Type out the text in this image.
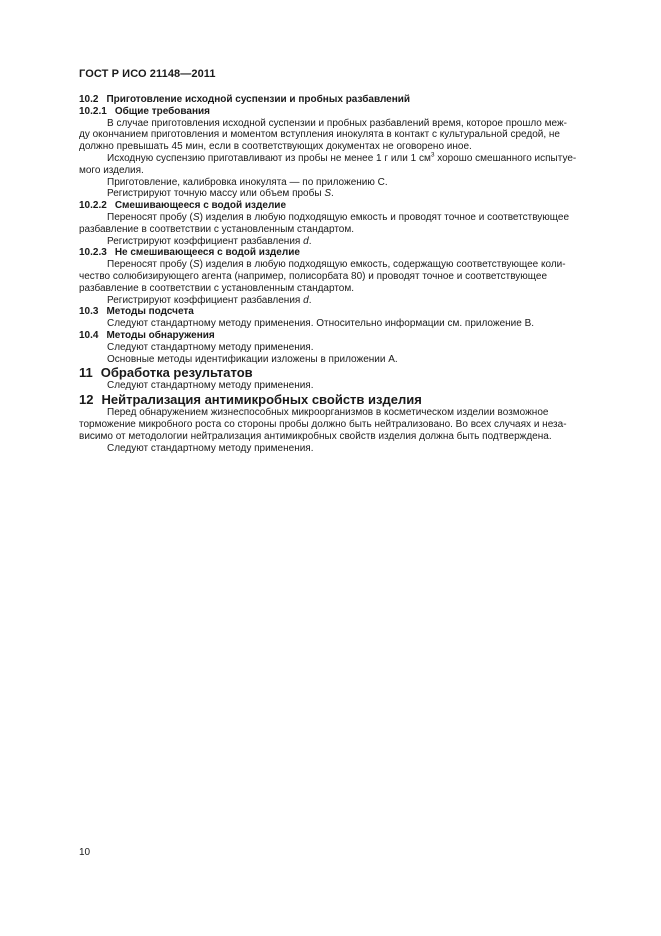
ГОСТ Р ИСО 21148—2011

10.2 Приготовление исходной суспензии и пробных разбавлений

10.2.1 Общие требования

В случае приготовления исходной суспензии и пробных разбавлений время, которое прошло меж-
ду окончанием приготовления и моментом вступления инокулята в контакт с культуральной средой, не
должно превышать 45 мин, если в соответствующих документах не оговорено иное.

Исходную суспензию приготавливают из пробы не менее 1 г или 1 $см^3$ хорошо смешанного испытуе-

мого изделия.

Приготовление, калибровка инокулята — по приложению С.

Регистрируют точную массу или объем пробы S.

10.2.2 Смешивающееся с водой изделие

Переносят пробу (S) изделия в любую подходящую емкость и проводят точное и соответствующее

разбавление в соответствии с установленным стандартом.

Регистрируют коэффициент разбавления d.

10.2.3 Не смешивающееся с водой изделие

Переносят пробу (S) изделия в любую подходящую емкость, содержащую соответствующее коли-

чество солюбизирующего агента (например, полисорбата 80) и проводят точное и соответствующее

разбавление в соответствии с установленным стандартом.

Регистрируют коэффициент разбавления d.

10.3 Методы подсчета

Следуют стандартному методу применения. Относительно информации см. приложение В.

10.4 Методы обнаружения

Следуют стандартному методу применения.

Основные методы идентификации изложены в приложении А.

11 Обработка результатов

Следуют стандартному методу применения.

12 Нейтрализация антимикробных свойств изделия

Перед обнаружением жизнеспособных микроорганизмов в косметическом изделии возможное
торможение микробного роста со стороны пробы должно быть нейтрализовано. Во всех случаях и неза-
висимо от методологии нейтрализация антимикробных свойств изделия должна быть подтверждена.

Следуют стандартному методу применения.

10
